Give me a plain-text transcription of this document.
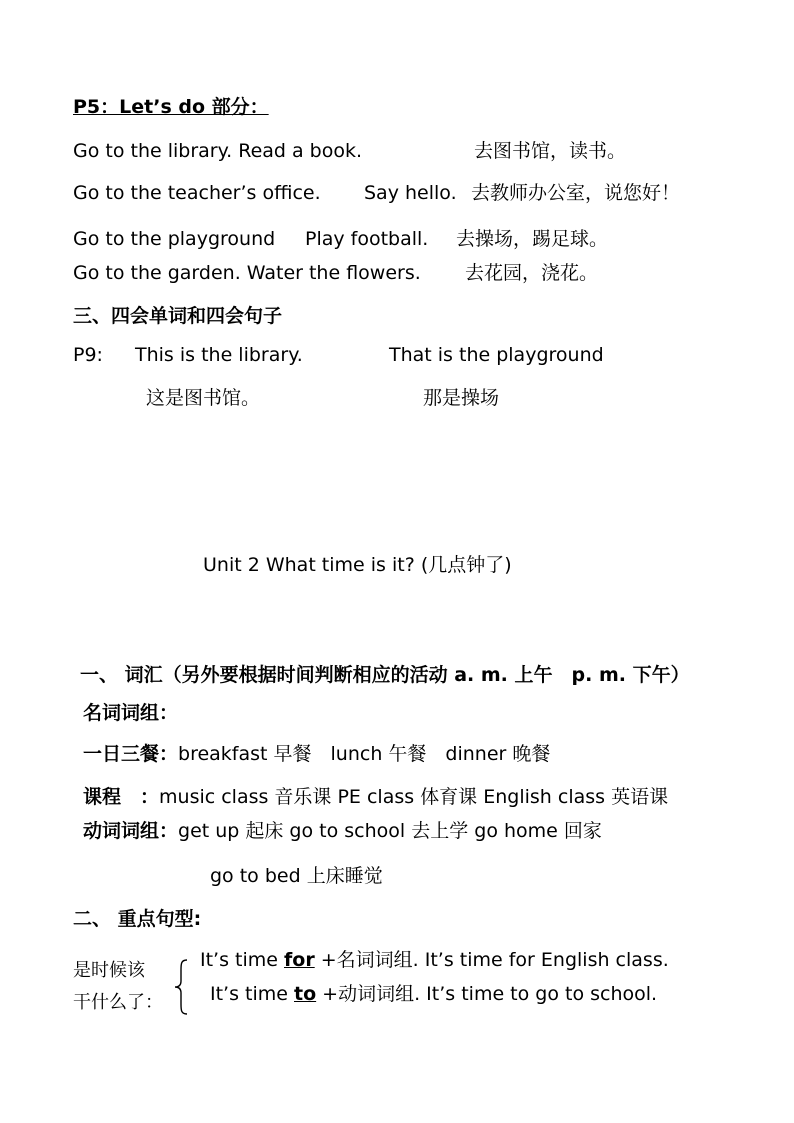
P5：Let’s do 部分：
Go to the library. Read a book.	去图书馆，读书。
Go to the teacher’s office. Say hello. 去教师办公室，说您好！
Go to the playground Play football. 去操场，踢足球。
Go to the garden. Water the flowers. 去花园，浇花。
三、四会单词和四会句子
P9: This is the library.	That is the playground
这是图书馆。	那是操场
Unit 2 What time is it? (几点钟了)
一、 词汇（另外要根据时间判断相应的活动 a. m. 上午　p. m. 下午）
名词词组：
一日三餐：breakfast 早餐　lunch 午餐　dinner 晚餐
课程　：music class 音乐课 PE class 体育课 English class 英语课
动词词组：get up 起床 go to school 去上学 go home 回家
go to bed 上床睡觉
二、 重点句型:
是时候该
干什么了：
It’s time for +名词词组. It’s time for English class.
It’s time to +动词词组. It’s time to go to school.
